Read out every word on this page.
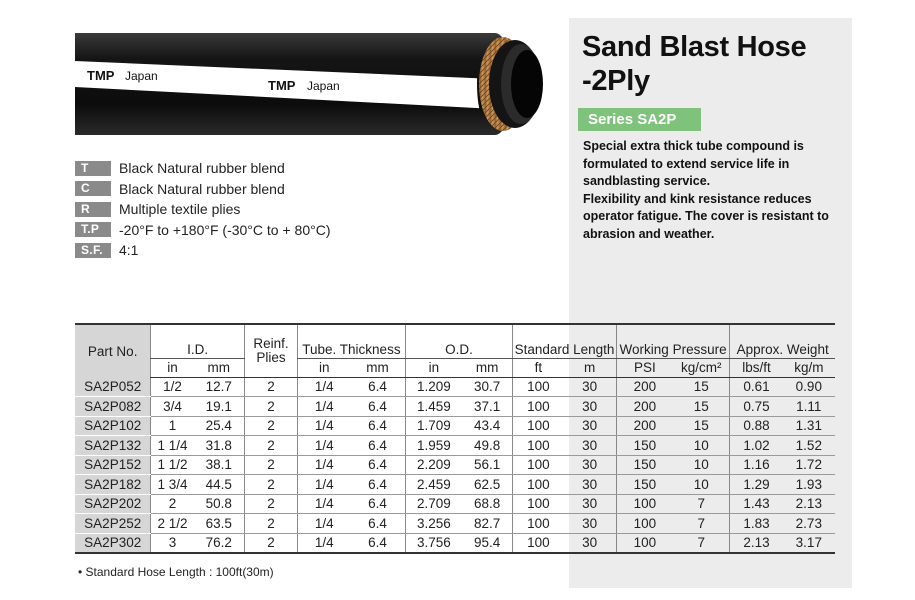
TMP Japan
TMP Japan
T	Black Natural rubber blend
C	Black Natural rubber blend
R	Multiple textile plies
T.P	-20°F to +180°F (-30°C to + 80°C)
S.F.	4:1
Sand Blast Hose
-2Ply
Series SA2P

Special extra thick tube compound is formulated to extend service life in sandblasting service.

Flexibility and kink resistance reduces operator fatigue. The cover is resistant to abrasion and weather.

Part No.	I.D.		Reinf. Plies	Tube. Thickness		O.D.		Standard Length		Working Pressure		Approx. Weight	
	in	mm		in	mm	in	mm	ft	m	PSI	kg/cm²	lbs/ft	kg/m
SA2P052	1/2	12.7	2	1/4	6.4	1.209	30.7	100	30	200	15	0.61	0.90
SA2P082	3/4	19.1	2	1/4	6.4	1.459	37.1	100	30	200	15	0.75	1.11
SA2P102	1	25.4	2	1/4	6.4	1.709	43.4	100	30	200	15	0.88	1.31
SA2P132	1 1/4	31.8	2	1/4	6.4	1.959	49.8	100	30	150	10	1.02	1.52
SA2P152	1 1/2	38.1	2	1/4	6.4	2.209	56.1	100	30	150	10	1.16	1.72
SA2P182	1 3/4	44.5	2	1/4	6.4	2.459	62.5	100	30	150	10	1.29	1.93
SA2P202	2	50.8	2	1/4	6.4	2.709	68.8	100	30	100	7	1.43	2.13
SA2P252	2 1/2	63.5	2	1/4	6.4	3.256	82.7	100	30	100	7	1.83	2.73
SA2P302	3	76.2	2	1/4	6.4	3.756	95.4	100	30	100	7	2.13	3.17
• Standard Hose Length : 100ft(30m)
